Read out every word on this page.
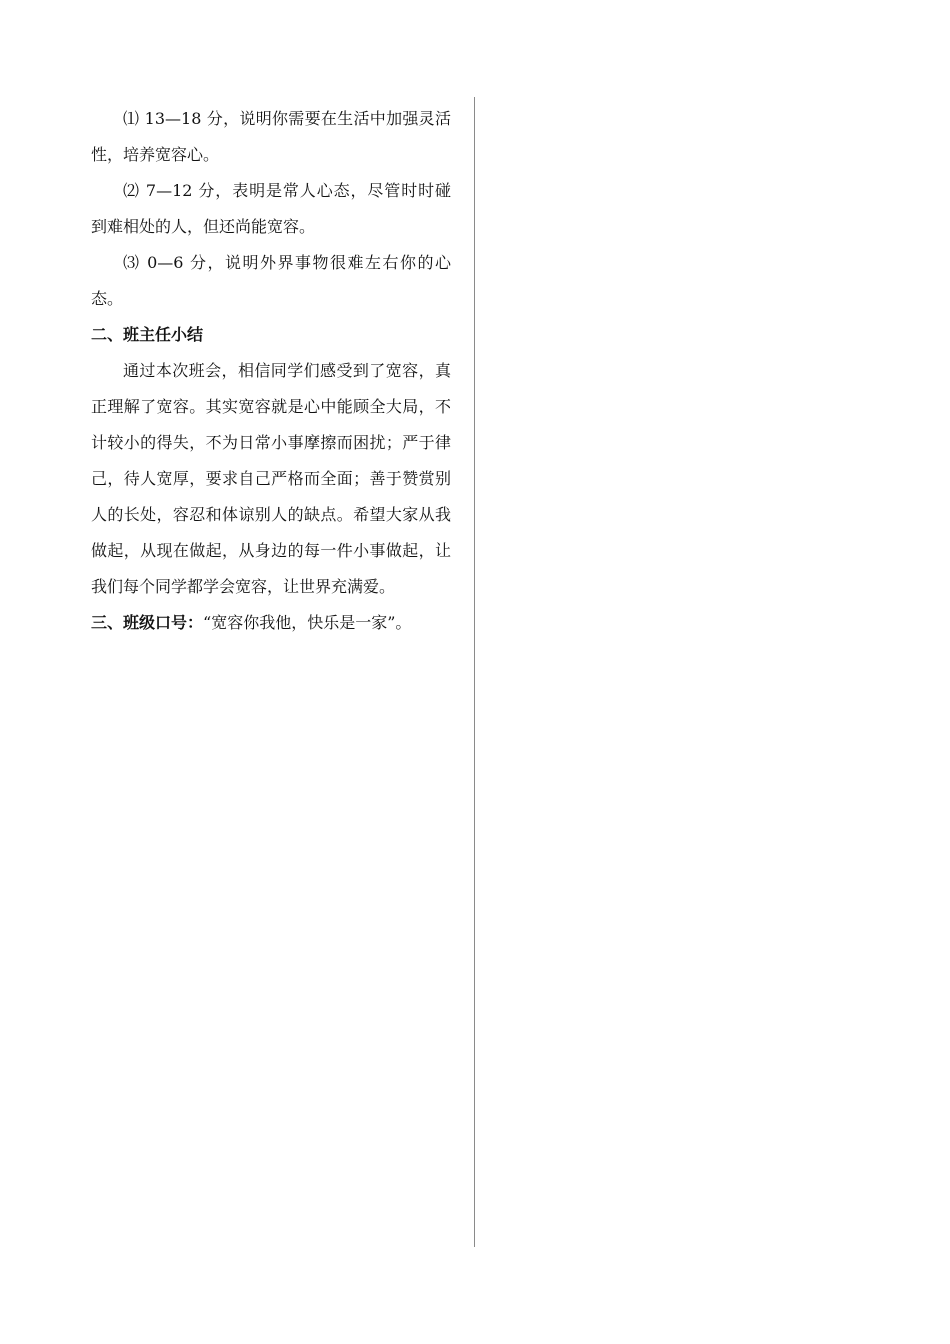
⑴ 13—18 分，说明你需要在生活中加强灵活性，培养宽容心。

⑵ 7—12 分，表明是常人心态，尽管时时碰到难相处的人，但还尚能宽容。

⑶ 0—6 分，说明外界事物很难左右你的心态。

二、班主任小结

通过本次班会，相信同学们感受到了宽容，真正理解了宽容。其实宽容就是心中能顾全大局，不计较小的得失，不为日常小事摩擦而困扰；严于律己，待人宽厚，要求自己严格而全面；善于赞赏别人的长处，容忍和体谅别人的缺点。希望大家从我做起，从现在做起，从身边的每一件小事做起，让我们每个同学都学会宽容，让世界充满爱。

三、班级口号：“宽容你我他，快乐是一家”。
